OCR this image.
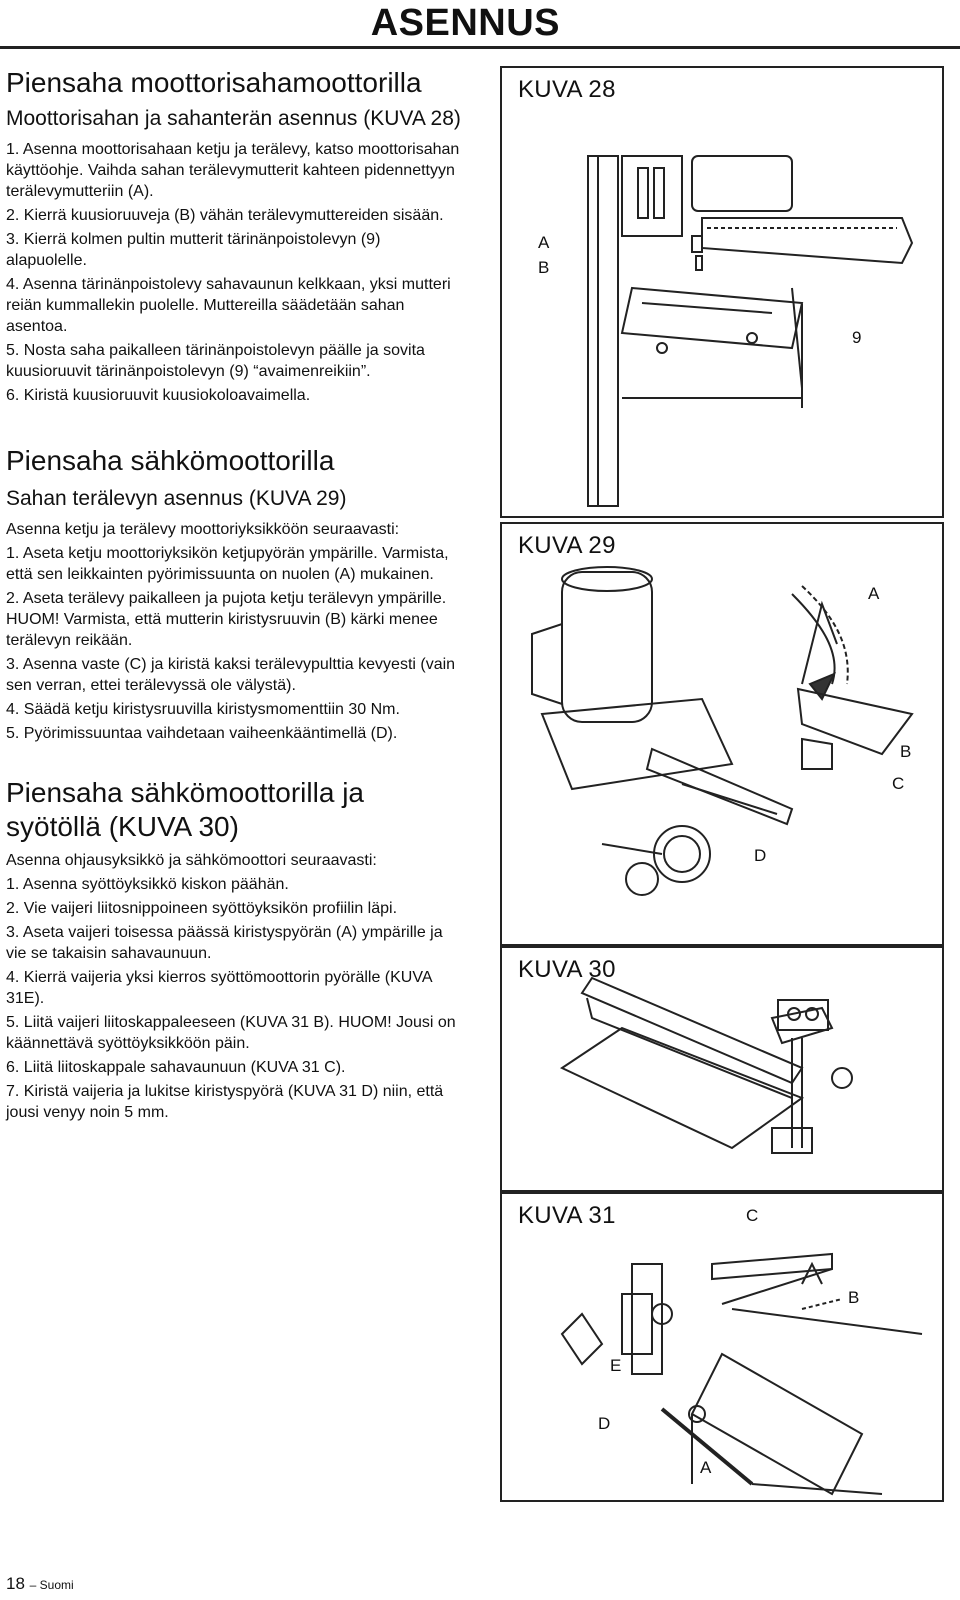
ASENNUS
Piensaha moottorisahamoottorilla
Moottorisahan ja sahanterän asennus (KUVA 28)

1. Asenna moottorisahaan ketju ja terälevy, katso moottorisahan käyttöohje. Vaihda sahan terälevymutterit kahteen pidennettyyn terälevymutteriin (A).

2. Kierrä kuusioruuveja (B) vähän terälevymuttereiden sisään.

3. Kierrä kolmen pultin mutterit tärinänpoistolevyn (9) alapuolelle.

4. Asenna tärinänpoistolevy sahavaunun kelkkaan, yksi mutteri reiän kummallekin puolelle. Muttereilla säädetään sahan asentoa.

5. Nosta saha paikalleen tärinänpoistolevyn päälle ja sovita kuusioruuvit tärinänpoistolevyn (9) “avaimenreikiin”.

6. Kiristä kuusioruuvit kuusiokoloavaimella.

Piensaha sähkömoottorilla
Sahan terälevyn asennus (KUVA 29)

Asenna ketju ja terälevy moottoriyksikköön seuraavasti:

1. Aseta ketju moottoriyksikön ketjupyörän ympärille. Varmista, että sen leikkainten pyörimissuunta on nuolen (A) mukainen.

2. Aseta terälevy paikalleen ja pujota ketju terälevyn ympärille. HUOM! Varmista, että mutterin kiristysruuvin (B) kärki menee terälevyn reikään.

3. Asenna vaste (C) ja kiristä kaksi terälevypulttia kevyesti (vain sen verran, ettei terälevyssä ole välystä).

4. Säädä ketju kiristysruuvilla kiristysmomenttiin 30 Nm.

5. Pyörimissuuntaa vaihdetaan vaiheenkääntimellä (D).

Piensaha sähkömoottorilla ja syötöllä (KUVA 30)

Asenna ohjausyksikkö ja sähkömoottori seuraavasti:

1. Asenna syöttöyksikkö kiskon päähän.

2. Vie vaijeri liitosnippoineen syöttöyksikön profiilin läpi.

3. Aseta vaijeri toisessa päässä kiristyspyörän (A) ympärille ja vie se takaisin sahavaunuun.

4. Kierrä vaijeria yksi kierros syöttömoottorin pyörälle (KUVA 31E).

5. Liitä vaijeri liitoskappaleeseen (KUVA 31 B). HUOM! Jousi on käännettävä syöttöyksikköön päin.

6. Liitä liitoskappale sahavaunuun (KUVA 31 C).

7. Kiristä vaijeria ja lukitse kiristyspyörä (KUVA 31 D) niin, että jousi venyy noin 5 mm.

KUVA 28
A
B
9
KUVA 29
A
B
C
D
KUVA 30
KUVA 31	C
B
E
D
A
18 – Suomi
